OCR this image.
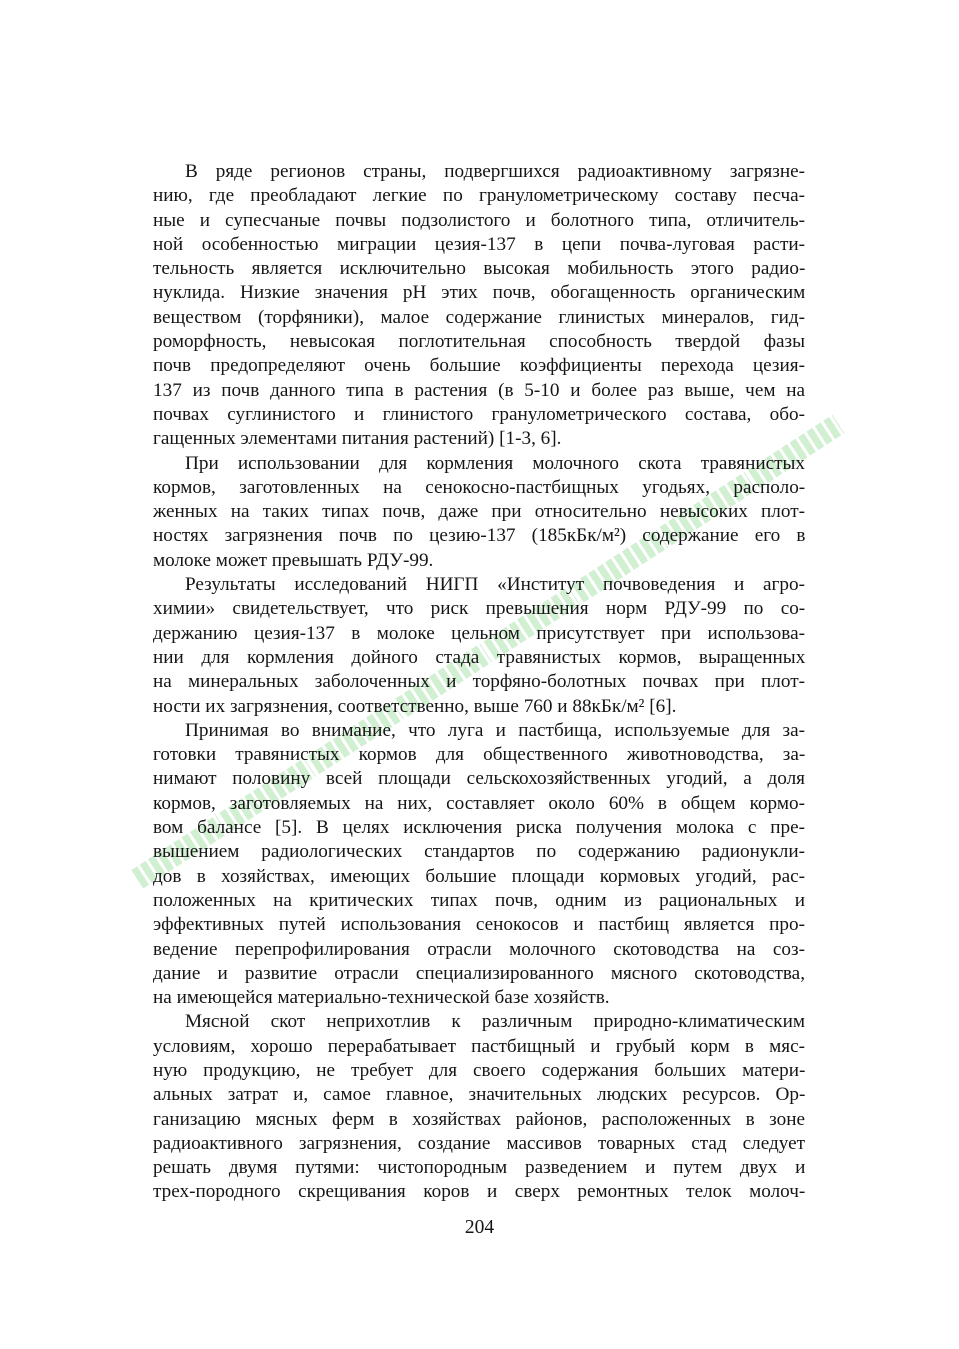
В ряде регионов страны, подвергшихся радиоактивному загрязне-
нию, где преобладают легкие по гранулометрическому составу песча-
ные и супесчаные почвы подзолистого и болотного типа, отличитель-
ной особенностью миграции цезия-137 в цепи почва-луговая расти-
тельность является исключительно высокая мобильность этого радио-
нуклида. Низкие значения pH этих почв, обогащенность органическим
веществом (торфяники), малое содержание глинистых минералов, гид-
роморфность, невысокая поглотительная способность твердой фазы
почв предопределяют очень большие коэффициенты перехода цезия-
137 из почв данного типа в растения (в 5-10 и более раз выше, чем на
почвах суглинистого и глинистого гранулометрического состава, обо-
гащенных элементами питания растений) [1-3, 6].

При использовании для кормления молочного скота травянистых
кормов, заготовленных на сенокосно-пастбищных угодьях, располо-
женных на таких типах почв, даже при относительно невысоких плот-
ностях загрязнения почв по цезию-137 (185кБк/м²) содержание его в
молоке может превышать РДУ-99.

Результаты исследований НИГП «Институт почвоведения и агро-
химии» свидетельствует, что риск превышения норм РДУ-99 по со-
держанию цезия-137 в молоке цельном присутствует при использова-
нии для кормления дойного стада травянистых кормов, выращенных
на минеральных заболоченных и торфяно-болотных почвах при плот-
ности их загрязнения, соответственно, выше 760 и 88кБк/м² [6].

Принимая во внимание, что луга и пастбища, используемые для за-
готовки травянистых кормов для общественного животноводства, за-
нимают половину всей площади сельскохозяйственных угодий, а доля
кормов, заготовляемых на них, составляет около 60% в общем кормо-
вом балансе [5]. В целях исключения риска получения молока с пре-
вышением радиологических стандартов по содержанию радионукли-
дов в хозяйствах, имеющих большие площади кормовых угодий, рас-
положенных на критических типах почв, одним из рациональных и
эффективных путей использования сенокосов и пастбищ является про-
ведение перепрофилирования отрасли молочного скотоводства на соз-
дание и развитие отрасли специализированного мясного скотоводства,
на имеющейся материально-технической базе хозяйств.

Мясной скот неприхотлив к различным природно-климатическим
условиям, хорошо перерабатывает пастбищный и грубый корм в мяс-
ную продукцию, не требует для своего содержания больших матери-
альных затрат и, самое главное, значительных людских ресурсов. Ор-
ганизацию мясных ферм в хозяйствах районов, расположенных в зоне
радиоактивного загрязнения, создание массивов товарных стад следует
решать двумя путями: чистопородным разведением и путем двух и
трех-породного скрещивания коров и сверх ремонтных телок молоч-

204
